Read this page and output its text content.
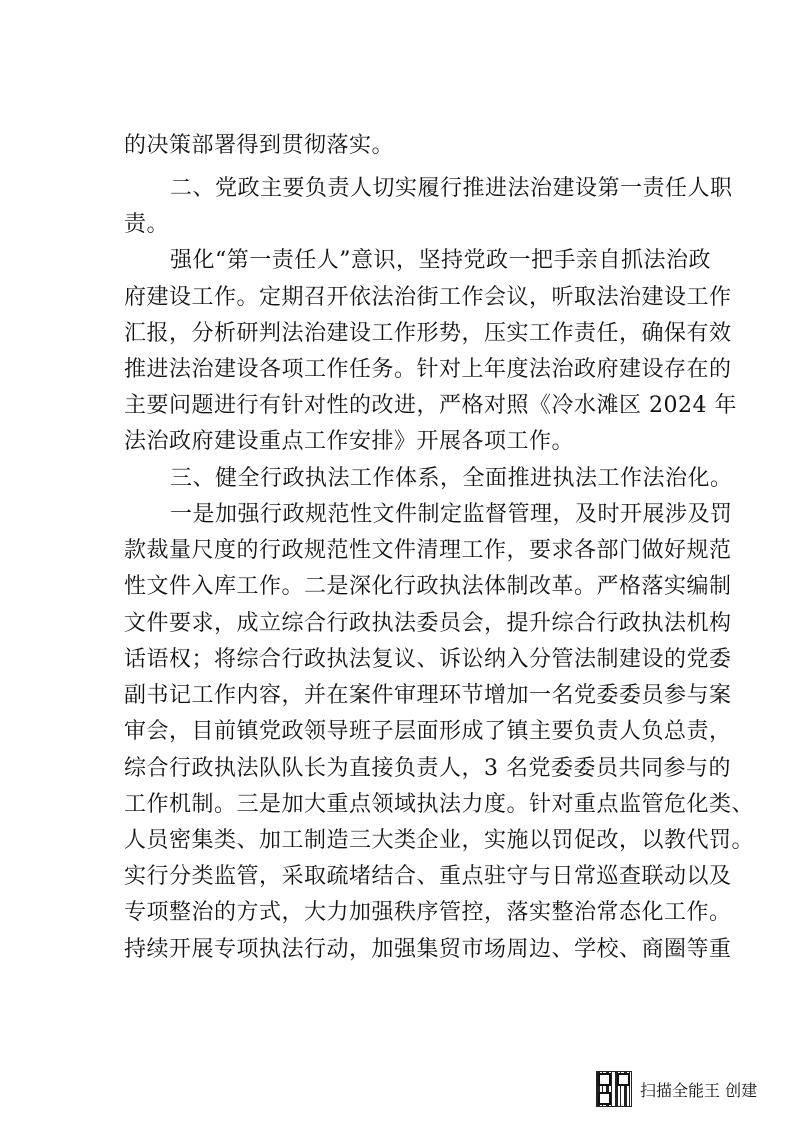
的决策部署得到贯彻落实。
二、党政主要负责人切实履行推进法治建设第一责任人职
责。
强化“第一责任人”意识，坚持党政一把手亲自抓法治政
府建设工作。定期召开依法治街工作会议，听取法治建设工作
汇报，分析研判法治建设工作形势，压实工作责任，确保有效
推进法治建设各项工作任务。针对上年度法治政府建设存在的
主要问题进行有针对性的改进，严格对照《冷水滩区 2024 年
法治政府建设重点工作安排》开展各项工作。
三、健全行政执法工作体系，全面推进执法工作法治化。
一是加强行政规范性文件制定监督管理，及时开展涉及罚
款裁量尺度的行政规范性文件清理工作，要求各部门做好规范
性文件入库工作。二是深化行政执法体制改革。严格落实编制
文件要求，成立综合行政执法委员会，提升综合行政执法机构
话语权；将综合行政执法复议、诉讼纳入分管法制建设的党委
副书记工作内容，并在案件审理环节增加一名党委委员参与案
审会，目前镇党政领导班子层面形成了镇主要负责人负总责，
综合行政执法队队长为直接负责人，3 名党委委员共同参与的
工作机制。三是加大重点领域执法力度。针对重点监管危化类、
人员密集类、加工制造三大类企业，实施以罚促改，以教代罚。
实行分类监管，采取疏堵结合、重点驻守与日常巡查联动以及
专项整治的方式，大力加强秩序管控，落实整治常态化工作。
持续开展专项执法行动，加强集贸市场周边、学校、商圈等重
扫描全能王 创建
